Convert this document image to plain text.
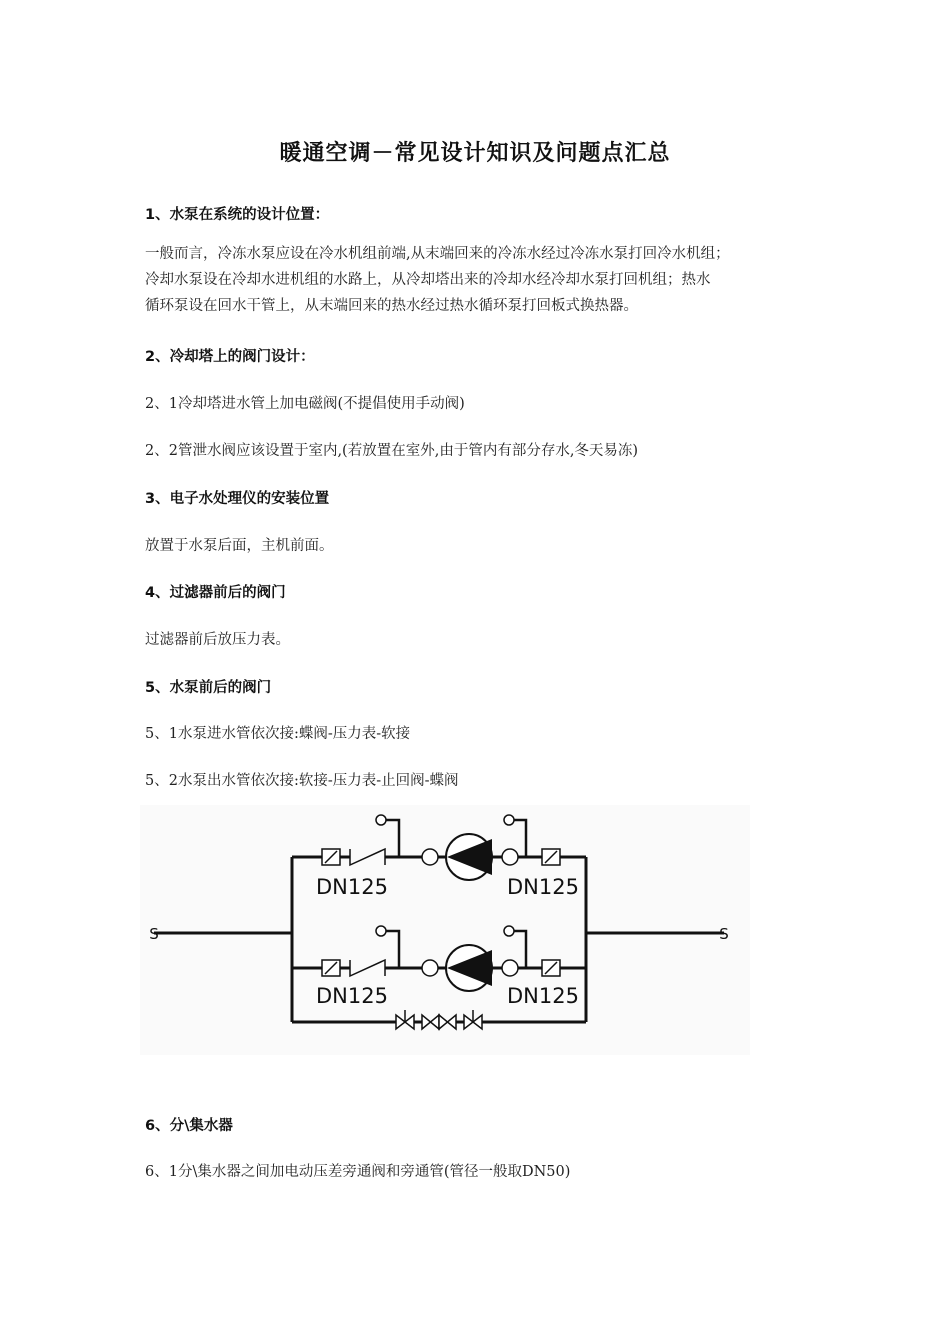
暖通空调－常见设计知识及问题点汇总
1、水泵在系统的设计位置：
一般而言，冷冻水泵应设在冷水机组前端,从末端回来的冷冻水经过冷冻水泵打回冷水机组；
冷却水泵设在冷却水进机组的水路上，从冷却塔出来的冷却水经冷却水泵打回机组；热水
循环泵设在回水干管上，从末端回来的热水经过热水循环泵打回板式换热器。
2、冷却塔上的阀门设计：
2、1冷却塔进水管上加电磁阀(不提倡使用手动阀)
2、2管泄水阀应该设置于室内,(若放置在室外,由于管内有部分存水,冬天易冻)
3、电子水处理仪的安装位置
放置于水泵后面，主机前面。
4、过滤器前后的阀门
过滤器前后放压力表。
5、水泵前后的阀门
5、1水泵进水管依次接:蝶阀-压力表-软接
5、2水泵出水管依次接:软接-压力表-止回阀-蝶阀
DN125	DN125
DN125	DN125
S	S
6、分\集水器
6、1分\集水器之间加电动压差旁通阀和旁通管(管径一般取DN50)
